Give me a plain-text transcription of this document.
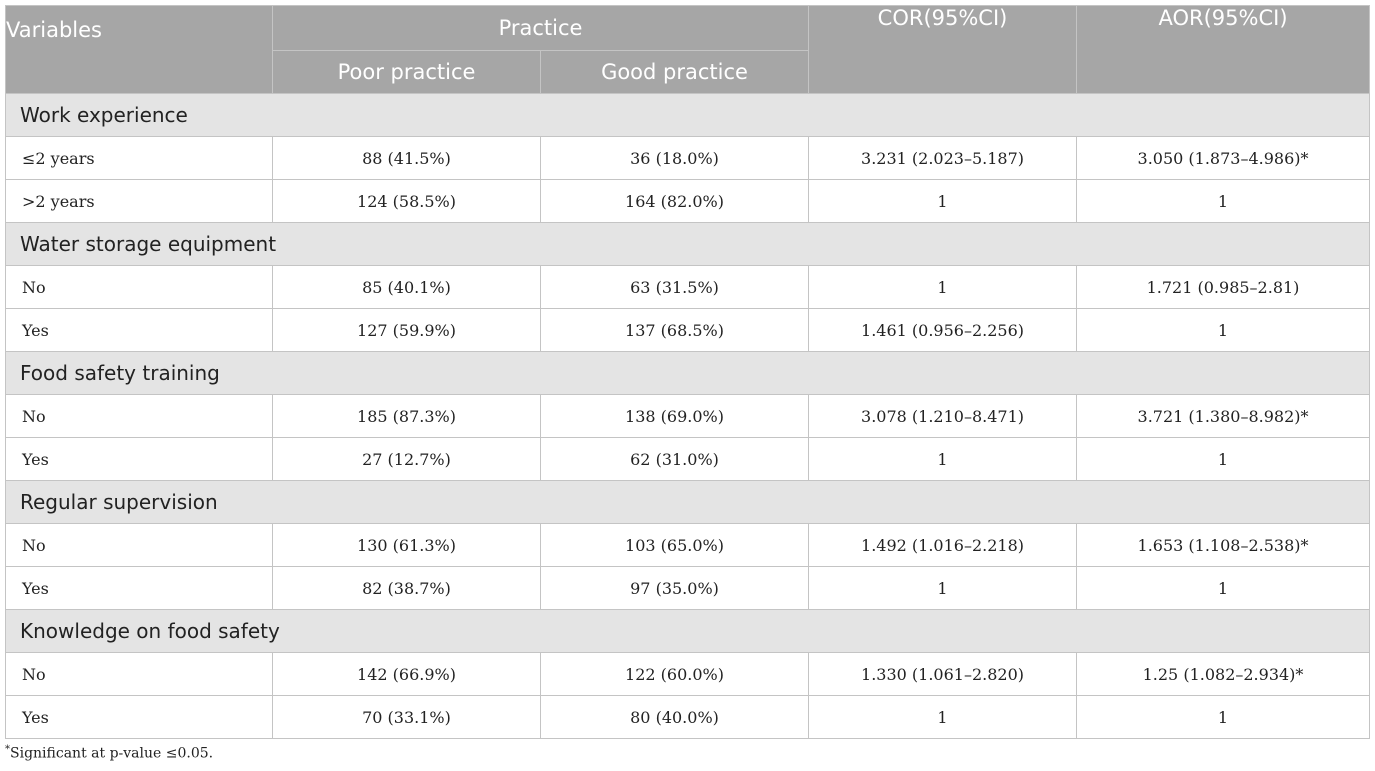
Variables	Practice		COR(95%CI)	AOR(95%CI)
	Poor practice	Good practice		
Work experience				
≤2 years	88 (41.5%)	36 (18.0%)	3.231 (2.023–5.187)	3.050 (1.873–4.986)*
>2 years	124 (58.5%)	164 (82.0%)	1	1
Water storage equipment				
No	85 (40.1%)	63 (31.5%)	1	1.721 (0.985–2.81)
Yes	127 (59.9%)	137 (68.5%)	1.461 (0.956–2.256)	1
Food safety training				
No	185 (87.3%)	138 (69.0%)	3.078 (1.210–8.471)	3.721 (1.380–8.982)*
Yes	27 (12.7%)	62 (31.0%)	1	1
Regular supervision				
No	130 (61.3%)	103 (65.0%)	1.492 (1.016–2.218)	1.653 (1.108–2.538)*
Yes	82 (38.7%)	97 (35.0%)	1	1
Knowledge on food safety				
No	142 (66.9%)	122 (60.0%)	1.330 (1.061–2.820)	1.25 (1.082–2.934)*
Yes	70 (33.1%)	80 (40.0%)	1	1
*Significant at p-value ≤0.05.
